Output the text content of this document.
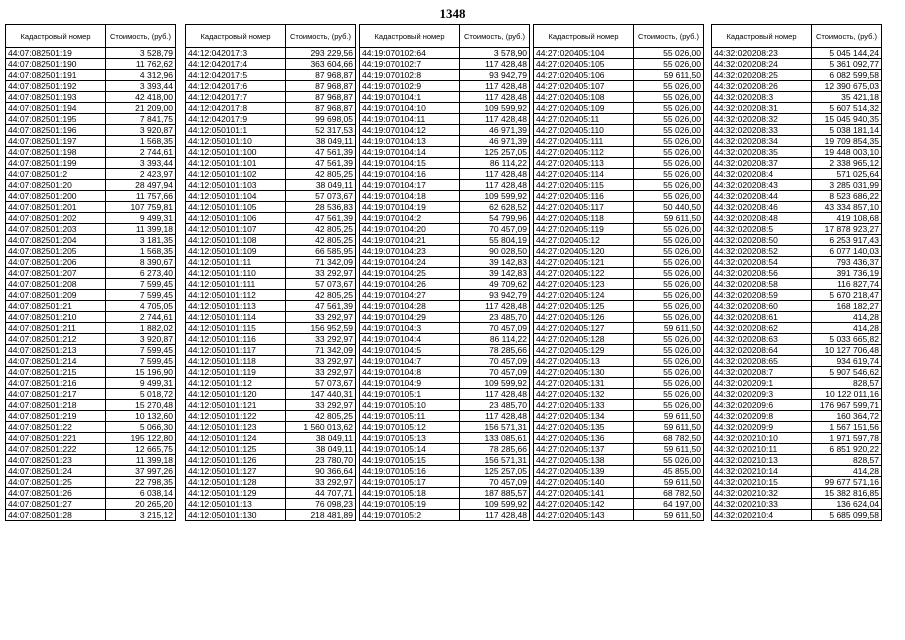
1348
Кадастровый номер	Стоимость, (руб.)
44:07:082501:19	3 528,79
44:07:082501:190	11 762,62
44:07:082501:191	4 312,96
44:07:082501:192	3 393,44
44:07:082501:193	42 418,00
44:07:082501:194	21 209,00
44:07:082501:195	7 841,75
44:07:082501:196	3 920,87
44:07:082501:197	1 568,35
44:07:082501:198	2 744,61
44:07:082501:199	3 393,44
44:07:082501:2	2 423,97
44:07:082501:20	28 497,94
44:07:082501:200	11 757,66
44:07:082501:201	107 759,81
44:07:082501:202	9 499,31
44:07:082501:203	11 399,18
44:07:082501:204	3 181,35
44:07:082501:205	1 568,35
44:07:082501:206	8 390,67
44:07:082501:207	6 273,40
44:07:082501:208	7 599,45
44:07:082501:209	7 599,45
44:07:082501:21	4 705,05
44:07:082501:210	2 744,61
44:07:082501:211	1 882,02
44:07:082501:212	3 920,87
44:07:082501:213	7 599,45
44:07:082501:214	7 599,45
44:07:082501:215	15 196,90
44:07:082501:216	9 499,31
44:07:082501:217	5 018,72
44:07:082501:218	15 270,48
44:07:082501:219	10 132,60
44:07:082501:22	5 066,30
44:07:082501:221	195 122,80
44:07:082501:222	12 665,75
44:07:082501:23	11 399,18
44:07:082501:24	37 997,26
44:07:082501:25	22 798,35
44:07:082501:26	6 038,14
44:07:082501:27	20 265,20
44:07:082501:28	3 215,12
Кадастровый номер	Стоимость, (руб.)
44:12:042017:3	293 229,56
44:12:042017:4	363 604,66
44:12:042017:5	87 968,87
44:12:042017:6	87 968,87
44:12:042017:7	87 968,87
44:12:042017:8	87 968,87
44:12:042017:9	99 698,05
44:12:050101:1	52 317,53
44:12:050101:10	38 049,11
44:12:050101:100	47 561,39
44:12:050101:101	47 561,39
44:12:050101:102	42 805,25
44:12:050101:103	38 049,11
44:12:050101:104	57 073,67
44:12:050101:105	28 536,83
44:12:050101:106	47 561,39
44:12:050101:107	42 805,25
44:12:050101:108	42 805,25
44:12:050101:109	66 585,95
44:12:050101:11	71 342,09
44:12:050101:110	33 292,97
44:12:050101:111	57 073,67
44:12:050101:112	42 805,25
44:12:050101:113	47 561,39
44:12:050101:114	33 292,97
44:12:050101:115	156 952,59
44:12:050101:116	33 292,97
44:12:050101:117	71 342,09
44:12:050101:118	33 292,97
44:12:050101:119	33 292,97
44:12:050101:12	57 073,67
44:12:050101:120	147 440,31
44:12:050101:121	33 292,97
44:12:050101:122	42 805,25
44:12:050101:123	1 560 013,62
44:12:050101:124	38 049,11
44:12:050101:125	38 049,11
44:12:050101:126	23 780,70
44:12:050101:127	90 366,64
44:12:050101:128	33 292,97
44:12:050101:129	44 707,71
44:12:050101:13	76 098,23
44:12:050101:130	218 481,89
Кадастровый номер	Стоимость, (руб.)
44:19:070102:64	3 578,90
44:19:070102:7	117 428,48
44:19:070102:8	93 942,79
44:19:070102:9	117 428,48
44:19:070104:1	117 428,48
44:19:070104:10	109 599,92
44:19:070104:11	117 428,48
44:19:070104:12	46 971,39
44:19:070104:13	46 971,39
44:19:070104:14	125 257,05
44:19:070104:15	86 114,22
44:19:070104:16	117 428,48
44:19:070104:17	117 428,48
44:19:070104:18	109 599,92
44:19:070104:19	62 628,52
44:19:070104:2	54 799,96
44:19:070104:20	70 457,09
44:19:070104:21	55 804,19
44:19:070104:23	90 028,50
44:19:070104:24	39 142,83
44:19:070104:25	39 142,83
44:19:070104:26	49 709,62
44:19:070104:27	93 942,79
44:19:070104:28	117 428,48
44:19:070104:29	23 485,70
44:19:070104:3	70 457,09
44:19:070104:4	86 114,22
44:19:070104:5	78 285,66
44:19:070104:7	70 457,09
44:19:070104:8	70 457,09
44:19:070104:9	109 599,92
44:19:070105:1	117 428,48
44:19:070105:10	23 485,70
44:19:070105:11	117 428,48
44:19:070105:12	156 571,31
44:19:070105:13	133 085,61
44:19:070105:14	78 285,66
44:19:070105:15	156 571,31
44:19:070105:16	125 257,05
44:19:070105:17	70 457,09
44:19:070105:18	187 885,57
44:19:070105:19	109 599,92
44:19:070105:2	117 428,48
Кадастровый номер	Стоимость, (руб.)
44:27:020405:104	55 026,00
44:27:020405:105	55 026,00
44:27:020405:106	59 611,50
44:27:020405:107	55 026,00
44:27:020405:108	55 026,00
44:27:020405:109	55 026,00
44:27:020405:11	55 026,00
44:27:020405:110	55 026,00
44:27:020405:111	55 026,00
44:27:020405:112	55 026,00
44:27:020405:113	55 026,00
44:27:020405:114	55 026,00
44:27:020405:115	55 026,00
44:27:020405:116	55 026,00
44:27:020405:117	50 440,50
44:27:020405:118	59 611,50
44:27:020405:119	55 026,00
44:27:020405:12	55 026,00
44:27:020405:120	55 026,00
44:27:020405:121	55 026,00
44:27:020405:122	55 026,00
44:27:020405:123	55 026,00
44:27:020405:124	55 026,00
44:27:020405:125	55 026,00
44:27:020405:126	55 026,00
44:27:020405:127	59 611,50
44:27:020405:128	55 026,00
44:27:020405:129	55 026,00
44:27:020405:13	55 026,00
44:27:020405:130	55 026,00
44:27:020405:131	55 026,00
44:27:020405:132	55 026,00
44:27:020405:133	55 026,00
44:27:020405:134	59 611,50
44:27:020405:135	59 611,50
44:27:020405:136	68 782,50
44:27:020405:137	59 611,50
44:27:020405:138	55 026,00
44:27:020405:139	45 855,00
44:27:020405:140	59 611,50
44:27:020405:141	68 782,50
44:27:020405:142	64 197,00
44:27:020405:143	59 611,50
Кадастровый номер	Стоимость, (руб.)
44:32:020208:23	5 045 144,24
44:32:020208:24	5 361 092,77
44:32:020208:25	6 082 599,58
44:32:020208:26	12 390 675,03
44:32:020208:3	35 421,18
44:32:020208:31	5 607 514,32
44:32:020208:32	15 045 940,35
44:32:020208:33	5 038 181,14
44:32:020208:34	19 709 854,35
44:32:020208:35	19 448 003,10
44:32:020208:37	2 338 965,12
44:32:020208:4	571 025,64
44:32:020208:43	3 285 031,99
44:32:020208:44	8 523 686,22
44:32:020208:46	43 334 857,10
44:32:020208:48	419 108,68
44:32:020208:5	17 878 923,27
44:32:020208:50	6 253 917,43
44:32:020208:52	6 077 140,03
44:32:020208:54	793 436,37
44:32:020208:56	391 736,19
44:32:020208:58	116 827,74
44:32:020208:59	5 670 218,47
44:32:020208:60	168 182,27
44:32:020208:61	414,28
44:32:020208:62	414,28
44:32:020208:63	5 033 665,82
44:32:020208:64	10 127 706,48
44:32:020208:65	934 619,74
44:32:020208:7	5 907 546,62
44:32:020209:1	828,57
44:32:020209:3	10 122 011,16
44:32:020209:6	176 967 599,71
44:32:020209:8	160 364,72
44:32:020209:9	1 567 151,56
44:32:020210:10	1 971 597,78
44:32:020210:11	6 851 920,22
44:32:020210:13	828,57
44:32:020210:14	414,28
44:32:020210:15	99 677 571,16
44:32:020210:32	15 382 816,85
44:32:020210:33	136 624,04
44:32:020210:4	5 685 099,58
